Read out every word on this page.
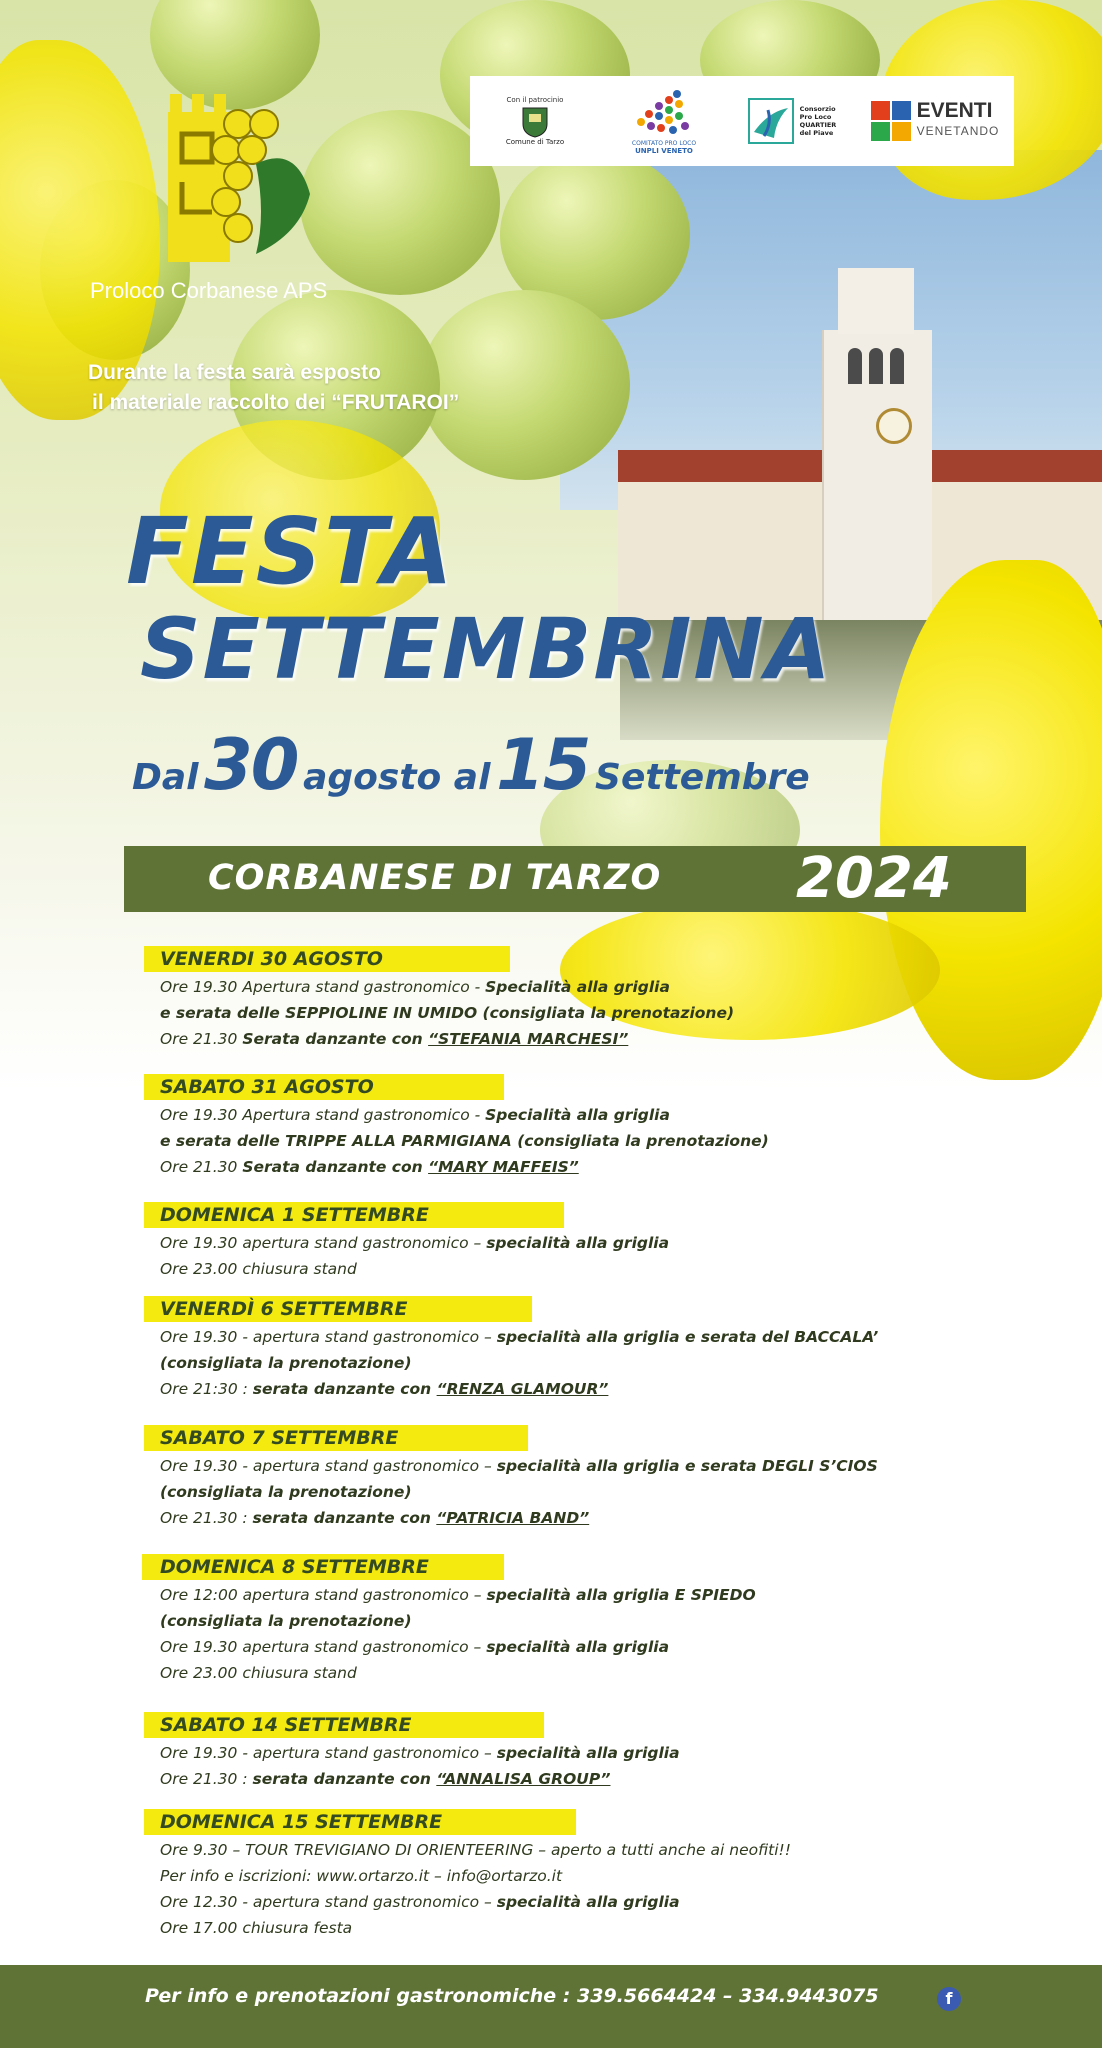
Proloco Corbanese APS
Con il patrocinio
Comune di Tarzo	COMITATO PRO LOCO
UNPLI VENETO
Consorzio
Pro Loco
QUARTIER
del Piave
EVENTI
VENETANDO
Durante la festa sarà esposto
il materiale raccolto dei “FRUTAROI”
FESTA
SETTEMBRINA
Dal 30 agosto al 15 Settembre
CORBANESE DI TARZO 2024
VENERDI 30 AGOSTO
Ore 19.30 Apertura stand gastronomico - Specialità alla griglia
e serata delle SEPPIOLINE IN UMIDO (consigliata la prenotazione)
Ore 21.30 Serata danzante con “STEFANIA MARCHESI”
SABATO 31 AGOSTO
Ore 19.30 Apertura stand gastronomico - Specialità alla griglia
e serata delle TRIPPE ALLA PARMIGIANA (consigliata la prenotazione)
Ore 21.30 Serata danzante con “MARY MAFFEIS”
DOMENICA 1 SETTEMBRE
Ore 19.30 apertura stand gastronomico – specialità alla griglia
Ore 23.00 chiusura stand
VENERDÌ 6 SETTEMBRE
Ore 19.30 - apertura stand gastronomico – specialità alla griglia e serata del BACCALA’
(consigliata la prenotazione)
Ore 21:30 : serata danzante con “RENZA GLAMOUR”
SABATO 7 SETTEMBRE
Ore 19.30 - apertura stand gastronomico – specialità alla griglia e serata DEGLI S’CIOS
(consigliata la prenotazione)
Ore 21.30 : serata danzante con “PATRICIA BAND”
DOMENICA 8 SETTEMBRE
Ore 12:00 apertura stand gastronomico – specialità alla griglia E SPIEDO
(consigliata la prenotazione)
Ore 19.30 apertura stand gastronomico – specialità alla griglia
Ore 23.00 chiusura stand
SABATO 14 SETTEMBRE
Ore 19.30 - apertura stand gastronomico – specialità alla griglia
Ore 21.30 : serata danzante con “ANNALISA GROUP”
DOMENICA 15 SETTEMBRE
Ore 9.30 – TOUR TREVIGIANO DI ORIENTEERING – aperto a tutti anche ai neofiti!!
Per info e iscrizioni: www.ortarzo.it – info@ortarzo.it
Ore 12.30 - apertura stand gastronomico – specialità alla griglia
Ore 17.00 chiusura festa
Per info e prenotazioni gastronomiche : 339.5664424 – 334.9443075	f
